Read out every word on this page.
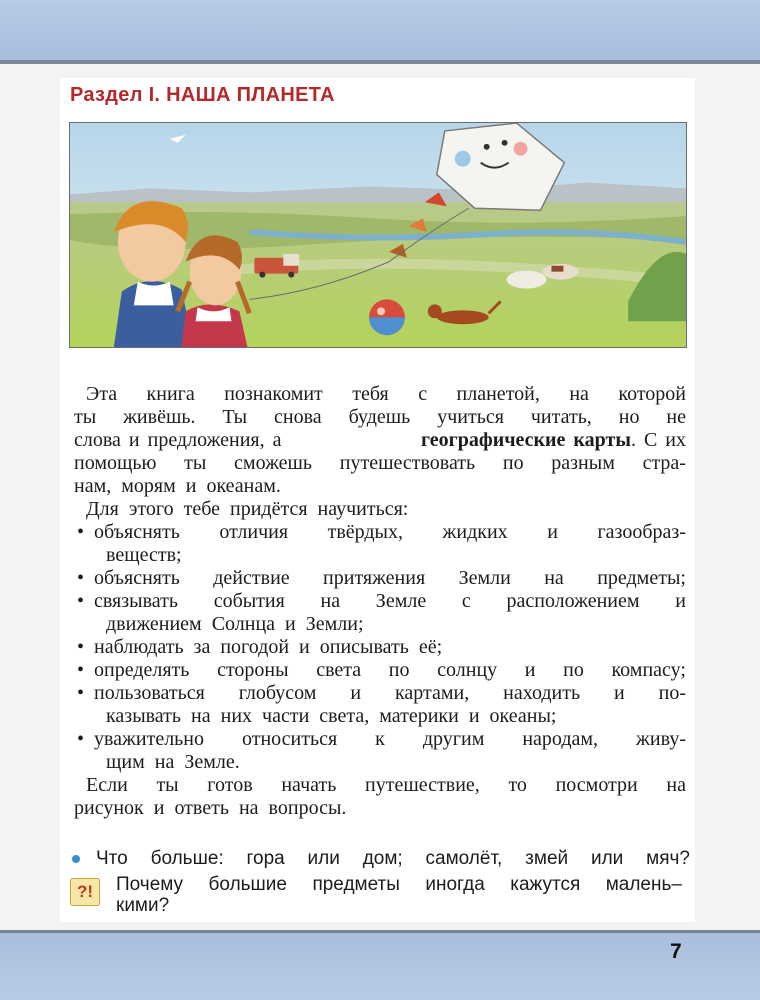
Раздел I. НАША ПЛАНЕТА
Эта книга познакомит тебя с планетой, на которой
ты живёшь. Ты снова будешь учиться читать, но не
слова и предложения, а	географические карты. С их
помощью ты сможешь путешествовать по разным стра-
нам,  морям  и  океанам.
Для  этого  тебе  придётся  научиться:
• объяснять отличия твёрдых, жидких и газообраз-
веществ;
• объяснять действие притяжения Земли на предметы;
• связывать события на Земле с расположением и
движением  Солнца  и  Земли;
• наблюдать  за  погодой  и  описывать  её;
• определять стороны света по солнцу и по компасу;
• пользоваться глобусом и картами, находить и по-
казывать  на  них  части  света,  материки  и  океаны;
• уважительно относиться к другим народам, живу-
щим  на  Земле.
Если ты готов начать путешествие, то посмотри на
рисунок  и  ответь  на  вопросы.
Что больше: гора или дом; самолёт, змей или мяч?
?!	Почему большие предметы иногда кажутся малень–
кими?
7
